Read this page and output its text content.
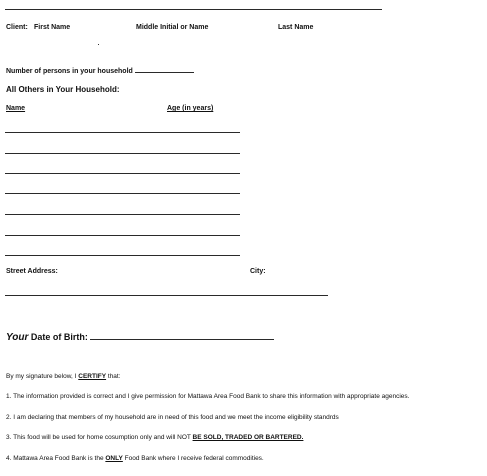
Client: First Name	Middle Initial or Name	Last Name
Number of persons in your household
All Others in Your Household:
Name	Age (in years)
Street Address:	City:
Your Date of Birth:
By my signature below, I CERTIFY that:
1. The information provided is correct and I give permission for Mattawa Area Food Bank to share this information with appropriate agencies.
2. I am declaring that members of my household are in need of this food and we meet the income eligibility standrds
3. This food will be used for home cosumption only and will NOT BE SOLD, TRADED OR BARTERED.
4. Mattawa Area Food Bank is the ONLY Food Bank where I receive federal commodities.
